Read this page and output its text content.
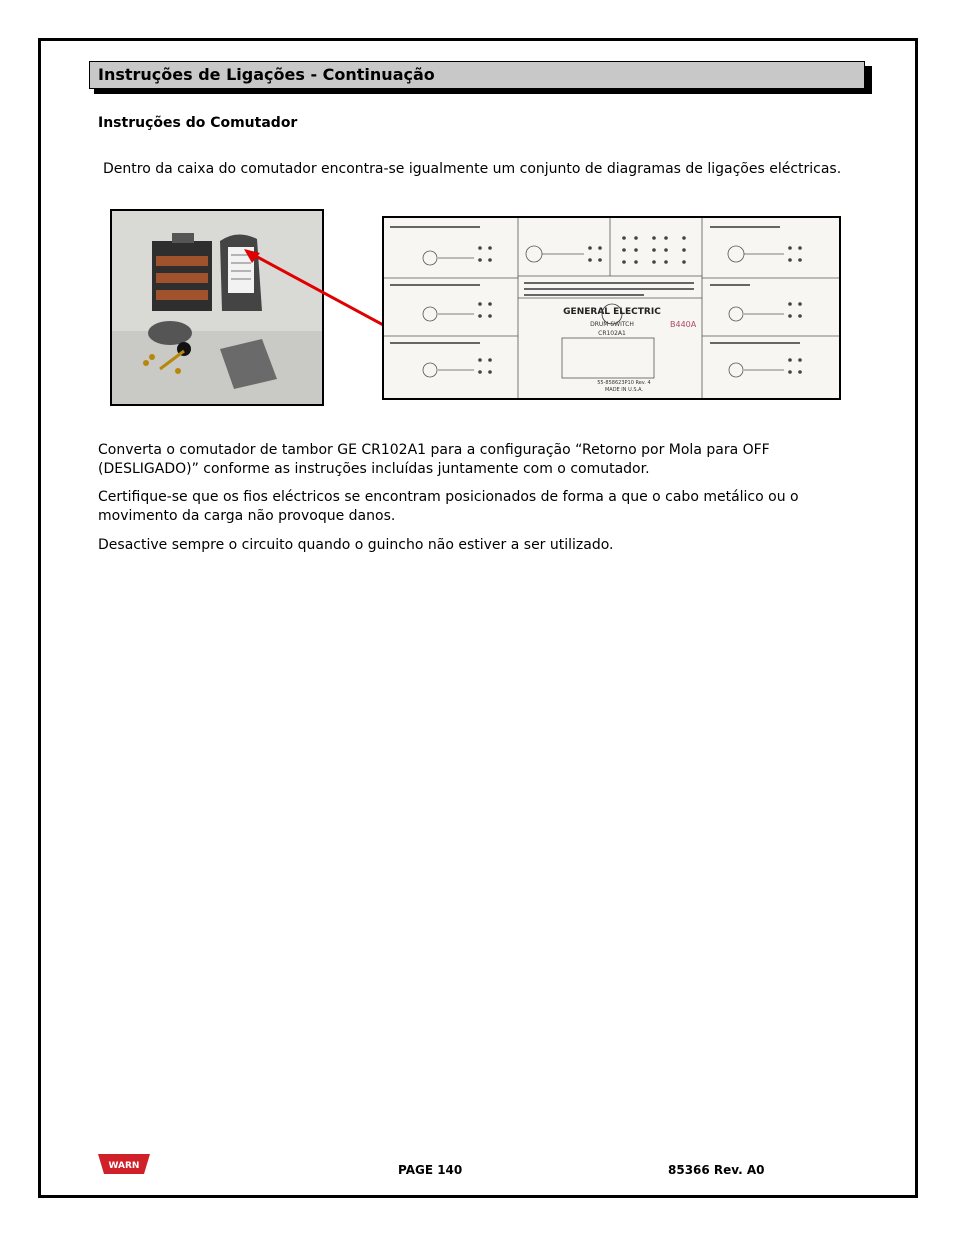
Instruções de Ligações - Continuação
Instruções do Comutador
Dentro da caixa do comutador encontra-se igualmente um conjunto de diagramas de ligações eléctricas.
GENERAL ELECTRIC
DRUM SWITCH
CR102A1
B440A
55-858623P10 Rev. 4
MADE IN U.S.A.

Converta o comutador de tambor GE CR102A1 para a configuração “Retorno por Mola para OFF (DESLIGADO)” conforme as instruções incluídas juntamente com o comutador.

Certifique-se que os fios eléctricos se encontram posicionados de forma a que o cabo metálico ou o movimento da carga não provoque danos.

Desactive sempre o circuito quando o guincho não estiver a ser utilizado.

WARN	PAGE 140	85366 Rev. A0
